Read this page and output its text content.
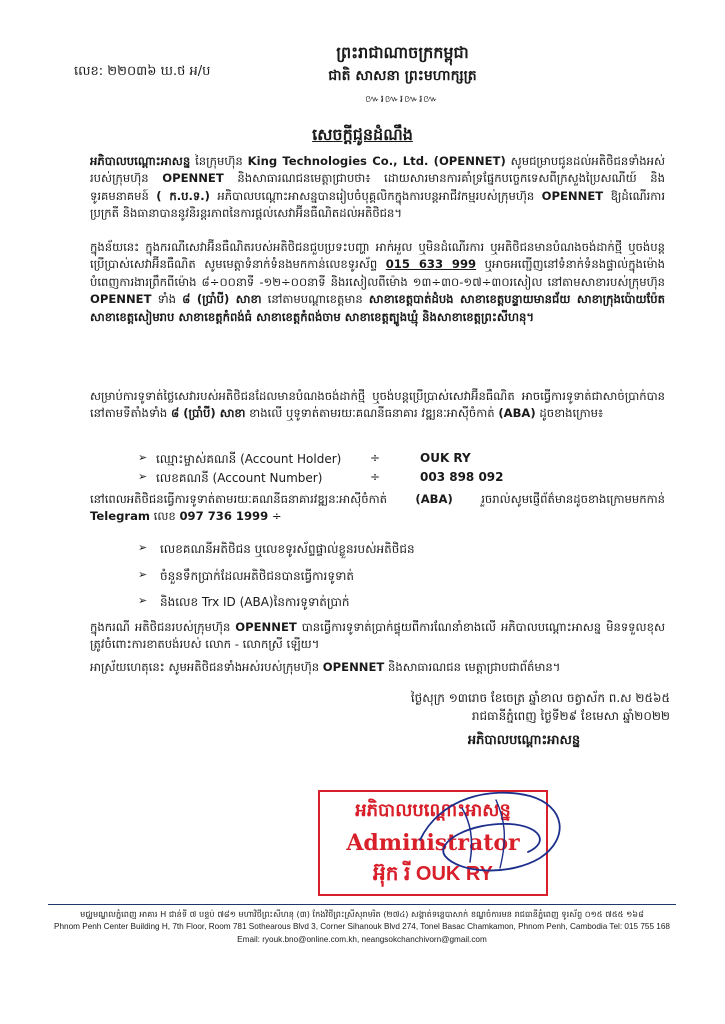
លេខ: ២២០៣៦ ឃ.ថ អ/ប
ព្រះរាជាណាចក្រកម្ពុជា
ជាតិ សាសនា ព្រះមហាក្សត្រ
៚៛៚៛៚៛៚
សេចក្តីជូនដំណឹង
អភិបាលបណ្តោះអាសន្ន នៃក្រុមហ៊ុន King Technologies Co., Ltd. (OPENNET) សូមជម្រាបជូនដល់អតិថិជនទាំងអស់របស់ក្រុមហ៊ុន OPENNET និងសាធារណជនមេត្តាជ្រាបថា៖ ដោយសារមានការគាំទ្រផ្នែកបច្ចេកទេសពីក្រសួងប្រៃសណីយ៍ និងទូរគមនាគមន៍ ( ក.ប.ទ.) អភិបាលបណ្តោះអាសន្នបានរៀបចំបុគ្គលិកក្នុងការបន្តអាជីវកម្មរបស់ក្រុមហ៊ុន OPENNET ឱ្យដំណើរការប្រក្រតី និងធានាបាននូវនិរន្តរភាពនៃការផ្តល់សេវាអ៊ីនធឺណិតដល់អតិថិជន។
ក្នុងន័យនេះ ក្នុងករណីសេវាអ៊ីនធឺណិតរបស់អតិថិជនជួបប្រទះបញ្ហា អាក់អួល ឬមិនដំណើរការ ឬអតិថិជនមានបំណងចង់ដាក់ថ្មី ឬចង់បន្តប្រើប្រាស់សេវាអ៊ីនធឺណិត សូមមេត្តាទំនាក់ទំនងមកកាន់លេខទូរស័ព្ទ 015 633 999 ឬអាចអញ្ជើញនៅទំនាក់ទំនងផ្ទាល់ក្នុងម៉ោងបំពេញការងារព្រឹកពីម៉ោង ៨÷០០នាទី -១២÷០០នាទី និងរសៀលពីម៉ោង ១៣÷៣០-១៧÷៣០រសៀល នៅតាមសាខារបស់ក្រុមហ៊ុន OPENNET ទាំង ៨ (ប្រាំបី) សាខា នៅតាមបណ្តាខេត្តមាន សាខាខេត្តបាត់ដំបង សាខាខេត្តបន្ទាយមានជ័យ សាខាក្រុងប៉ោយប៉ែត សាខាខេត្តសៀមរាប សាខាខេត្តកំពង់ធំ សាខាខេត្តកំពង់ចាម សាខាខេត្តត្បូងឃ្មុំ និងសាខាខេត្តព្រះសីហនុ។
សម្រាប់ការទូទាត់ថ្លៃសេវារបស់អតិថិជនដែលមានបំណងចង់ដាក់ថ្មី ឬចង់បន្តប្រើប្រាស់សេវាអ៊ីនធឺណិត អាចធ្វើការទូទាត់ជាសាច់ប្រាក់បាននៅតាមទីតាំងទាំង ៨ (ប្រាំបី) សាខា ខាងលើ ឬទូទាត់តាមរយៈគណនីធនាគារ វឌ្ឍនៈអាស៊ីចំកាត់ (ABA) ដូចខាងក្រោម៖
➢ ឈ្មោះម្ចាស់គណនី (Account Holder) ÷	OUK RY
➢ លេខគណនី (Account Number)	÷	003 898 092
នៅពេលអតិថិជនធ្វើការទូទាត់តាមរយៈគណនីធនាគារវឌ្ឍនៈអាស៊ីចំកាត់ (ABA) រួចរាល់សូមផ្ញើព័ត៌មានដូចខាងក្រោមមកកាន់ Telegram លេខ 097 736 1999 ÷
➢ លេខគណនីអតិថិជន ឬលេខទូរស័ព្ទផ្ទាល់ខ្លួនរបស់អតិថិជន
➢ ចំនួនទឹកប្រាក់ដែលអតិថិជនបានធ្វើការទូទាត់
➢ និងលេខ Trx ID (ABA)នៃការទូទាត់ប្រាក់
ក្នុងករណី អតិថិជនរបស់ក្រុមហ៊ុន OPENNET បានធ្វើការទូទាត់ប្រាក់ផ្ទុយពីការណែនាំខាងលើ អភិបាលបណ្តោះអាសន្ន មិនទទួលខុសត្រូវចំពោះការខាតបង់របស់ លោក - លោកស្រី ឡើយ។
អាស្រ័យហេតុនេះ សូមអតិថិជនទាំងអស់របស់ក្រុមហ៊ុន OPENNET និងសាធារណជន មេត្តាជ្រាបជាព័ត៌មាន។
ថ្ងៃសុក្រ ១៣រោច ខែចេត្រ ឆ្នាំខាល ចត្វាស័ក ព.ស ២៥៦៥
រាជធានីភ្នំពេញ ថ្ងៃទី២៩ ខែមេសា ឆ្នាំ២០២២
អភិបាលបណ្តោះអាសន្ន
អភិបាលបណ្តោះអាសន្ន
Administrator
អ៊ុក រី OUK RY
មជ្ឈមណ្ឌលភ្នំពេញ អាគារ H ជាន់ទី ៧ បន្ទប់ ៧៨១ មហាវិថីព្រះសីហនុ (៣) កែងវិថីព្រះស្រីសុរាមរិត (២៧៤) សង្កាត់ទន្លេបាសាក់ ខណ្ឌចំការមន រាជធានីភ្នំពេញ ទូរស័ព្ទ ០១៥ ៧៥៥ ១៦៨
Phnom Penh Center Building H, 7th Floor, Room 781 Sothearous Blvd 3, Corner Sihanouk Blvd 274, Tonel Basac Chamkamon, Phnom Penh, Cambodia Tel: 015 755 168
Email: ryouk.bno@online.com.kh, neangsokchanchivorn@gmail.com
